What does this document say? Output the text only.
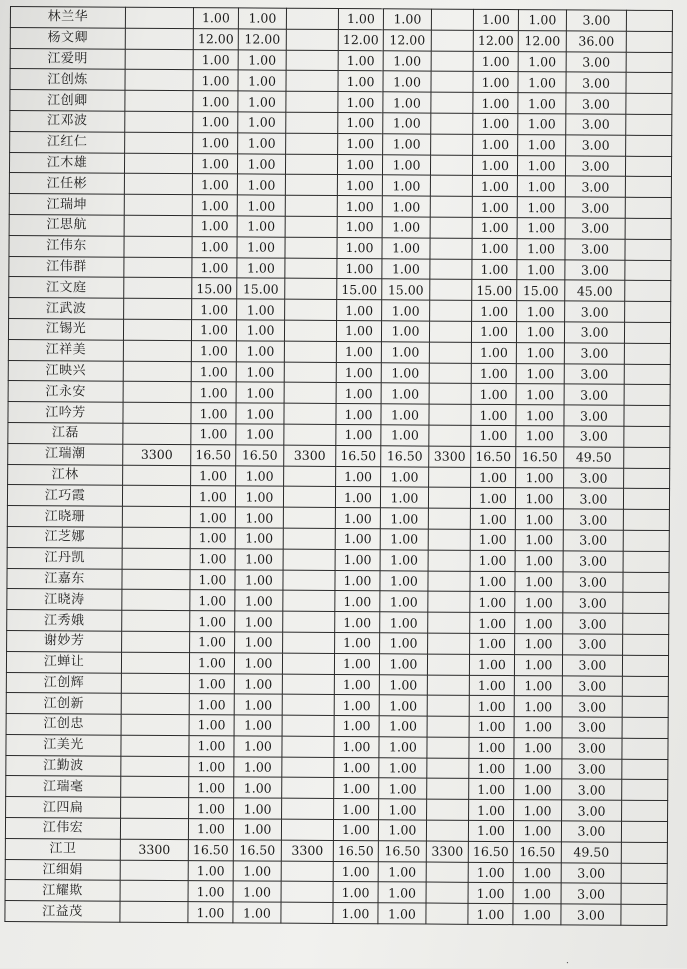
林兰华		1.00	1.00		1.00	1.00		1.00	1.00	3.00	
杨文卿		12.00	12.00		12.00	12.00		12.00	12.00	36.00	
江爱明		1.00	1.00		1.00	1.00		1.00	1.00	3.00	
江创炼		1.00	1.00		1.00	1.00		1.00	1.00	3.00	
江创卿		1.00	1.00		1.00	1.00		1.00	1.00	3.00	
江邓波		1.00	1.00		1.00	1.00		1.00	1.00	3.00	
江红仁		1.00	1.00		1.00	1.00		1.00	1.00	3.00	
江木雄		1.00	1.00		1.00	1.00		1.00	1.00	3.00	
江任彬		1.00	1.00		1.00	1.00		1.00	1.00	3.00	
江瑞坤		1.00	1.00		1.00	1.00		1.00	1.00	3.00	
江思航		1.00	1.00		1.00	1.00		1.00	1.00	3.00	
江伟东		1.00	1.00		1.00	1.00		1.00	1.00	3.00	
江伟群		1.00	1.00		1.00	1.00		1.00	1.00	3.00	
江文庭		15.00	15.00		15.00	15.00		15.00	15.00	45.00	
江武波		1.00	1.00		1.00	1.00		1.00	1.00	3.00	
江锡光		1.00	1.00		1.00	1.00		1.00	1.00	3.00	
江祥美		1.00	1.00		1.00	1.00		1.00	1.00	3.00	
江映兴		1.00	1.00		1.00	1.00		1.00	1.00	3.00	
江永安		1.00	1.00		1.00	1.00		1.00	1.00	3.00	
江吟芳		1.00	1.00		1.00	1.00		1.00	1.00	3.00	
江磊		1.00	1.00		1.00	1.00		1.00	1.00	3.00	
江瑞潮	3300	16.50	16.50	3300	16.50	16.50	3300	16.50	16.50	49.50	
江林		1.00	1.00		1.00	1.00		1.00	1.00	3.00	
江巧霞		1.00	1.00		1.00	1.00		1.00	1.00	3.00	
江晓珊		1.00	1.00		1.00	1.00		1.00	1.00	3.00	
江芝娜		1.00	1.00		1.00	1.00		1.00	1.00	3.00	
江丹凯		1.00	1.00		1.00	1.00		1.00	1.00	3.00	
江嘉东		1.00	1.00		1.00	1.00		1.00	1.00	3.00	
江晓涛		1.00	1.00		1.00	1.00		1.00	1.00	3.00	
江秀娥		1.00	1.00		1.00	1.00		1.00	1.00	3.00	
谢妙芳		1.00	1.00		1.00	1.00		1.00	1.00	3.00	
江蝉让		1.00	1.00		1.00	1.00		1.00	1.00	3.00	
江创辉		1.00	1.00		1.00	1.00		1.00	1.00	3.00	
江创新		1.00	1.00		1.00	1.00		1.00	1.00	3.00	
江创忠		1.00	1.00		1.00	1.00		1.00	1.00	3.00	
江美光		1.00	1.00		1.00	1.00		1.00	1.00	3.00	
江勤波		1.00	1.00		1.00	1.00		1.00	1.00	3.00	
江瑞毫		1.00	1.00		1.00	1.00		1.00	1.00	3.00	
江四扁		1.00	1.00		1.00	1.00		1.00	1.00	3.00	
江伟宏		1.00	1.00		1.00	1.00		1.00	1.00	3.00	
江卫	3300	16.50	16.50	3300	16.50	16.50	3300	16.50	16.50	49.50	
江细娟		1.00	1.00		1.00	1.00		1.00	1.00	3.00	
江耀欺		1.00	1.00		1.00	1.00		1.00	1.00	3.00	
江益茂		1.00	1.00		1.00	1.00		1.00	1.00	3.00	
·
